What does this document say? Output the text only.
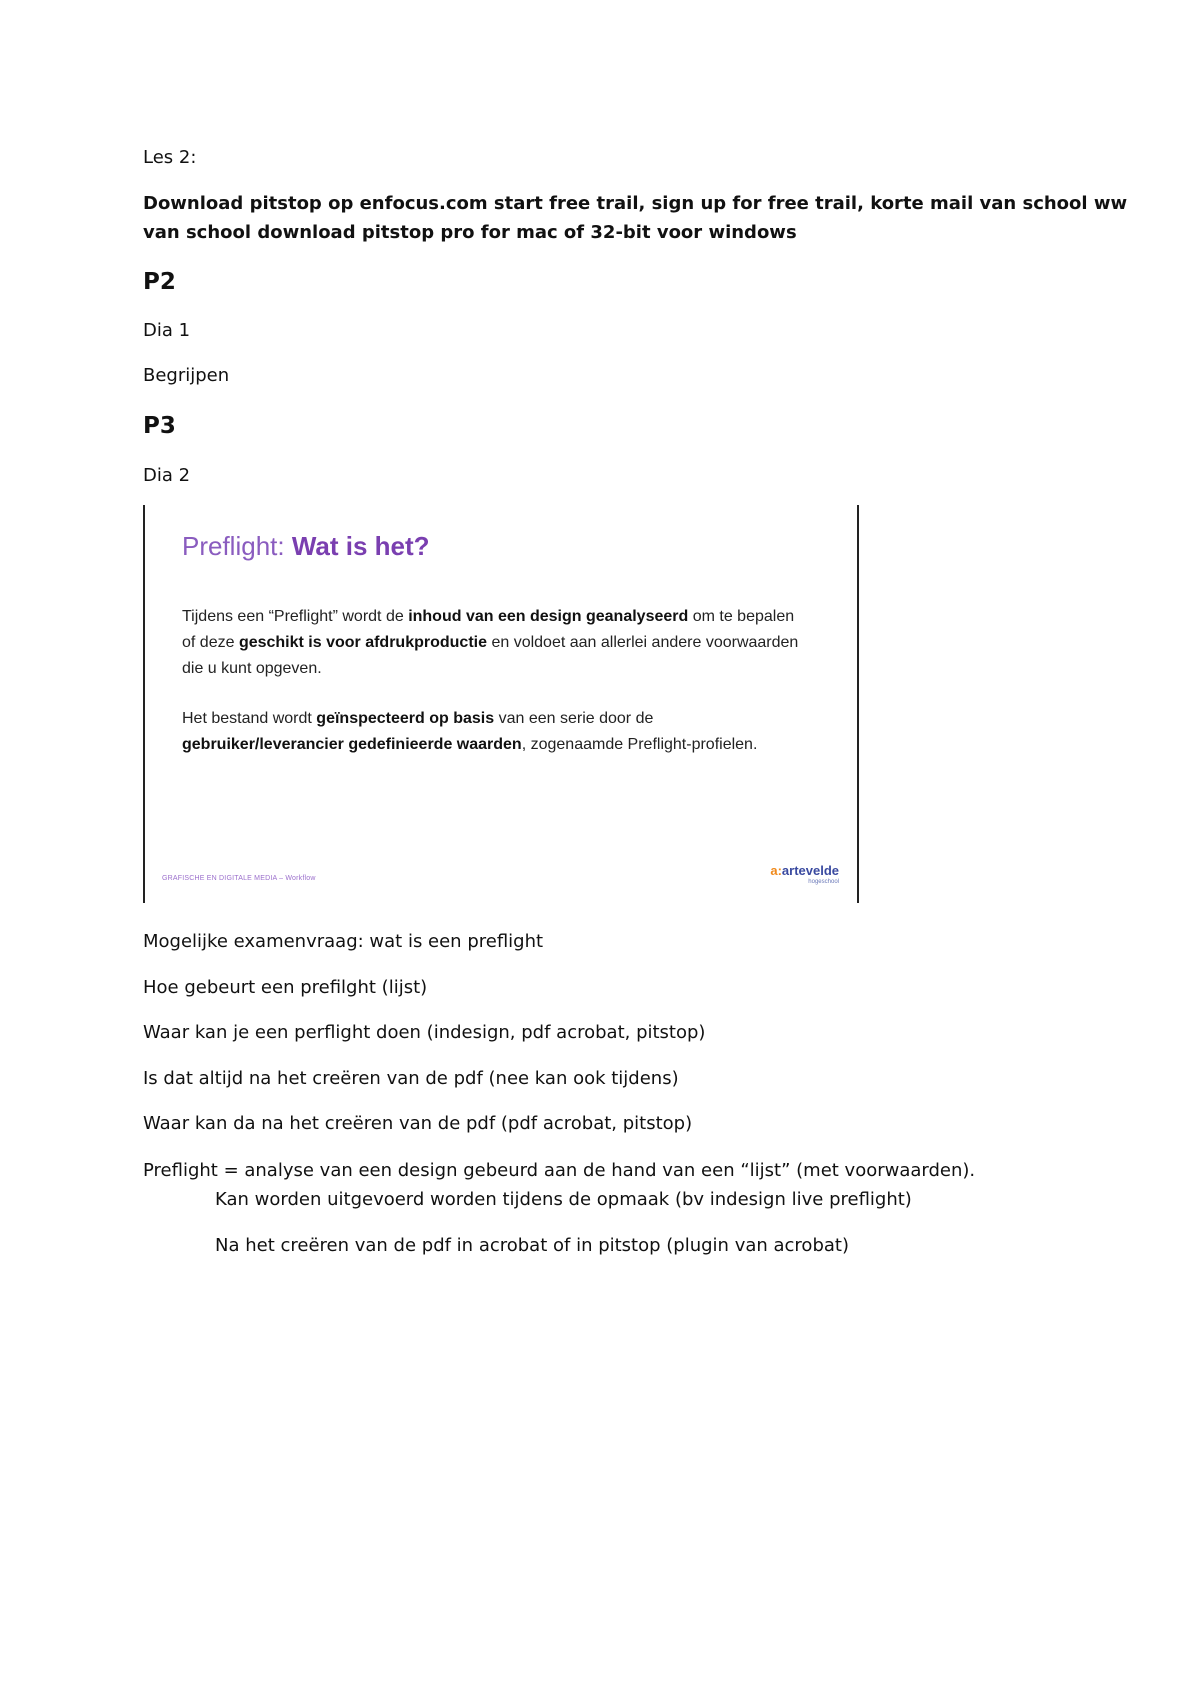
Les 2:
Download pitstop op enfocus.com start free trail, sign up for free trail, korte mail van school ww
van school download pitstop pro for mac of 32-bit voor windows
P2
Dia 1
Begrijpen
P3
Dia 2
Preflight: Wat is het?
Tijdens een “Preflight” wordt de inhoud van een design geanalyseerd om te bepalen of deze geschikt is voor afdrukproductie en voldoet aan allerlei andere voorwaarden die u kunt opgeven.
Het bestand wordt geïnspecteerd op basis van een serie door de gebruiker/leverancier gedefinieerde waarden, zogenaamde Preflight-profielen.
GRAFISCHE EN DIGITALE MEDIA – Workflow
a:artevelde
hogeschool
Mogelijke examenvraag: wat is een preflight
Hoe gebeurt een prefilght (lijst)
Waar kan je een perflight doen (indesign, pdf acrobat, pitstop)
Is dat altijd na het creëren van de pdf (nee kan ook tijdens)
Waar kan da na het creëren van de pdf (pdf acrobat, pitstop)
Preflight = analyse van een design gebeurd aan de hand van een “lijst” (met voorwaarden).
Kan worden uitgevoerd worden tijdens de opmaak (bv indesign live preflight)
Na het creëren van de pdf in acrobat of in pitstop (plugin van acrobat)
